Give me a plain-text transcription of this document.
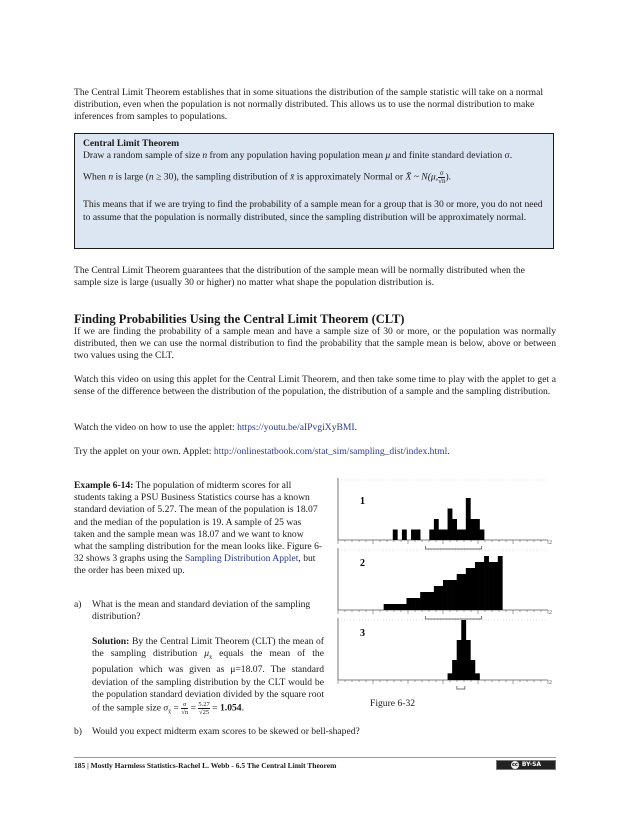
The Central Limit Theorem establishes that in some situations the distribution of the sample statistic will take on a normal distribution, even when the population is not normally distributed. This allows us to use the normal distribution to make inferences from samples to populations.

Central Limit Theorem
Draw a random sample of size n from any population having population mean μ and finite standard deviation σ.
When n is large (n ≥ 30), the sampling distribution of x̄ is approximately Normal or X̄ ~ N(μ, $\frac{\sigma}{√n}$ ).
This means that if we are trying to find the probability of a sample mean for a group that is 30 or more, you do not need to assume that the population is normally distributed, since the sampling distribution will be approximately normal.

The Central Limit Theorem guarantees that the distribution of the sample mean will be normally distributed when the sample size is large (usually 30 or higher) no matter what shape the population distribution is.

Finding Probabilities Using the Central Limit Theorem (CLT)

If we are finding the probability of a sample mean and have a sample size of 30 or more, or the population was normally distributed, then we can use the normal distribution to find the probability that the sample mean is below, above or between two values using the CLT.

Watch this video on using this applet for the Central Limit Theorem, and then take some time to play with the applet to get a sense of the difference between the distribution of the population, the distribution of a sample and the sampling distribution.

Watch the video on how to use the applet: https://youtu.be/aIPvgiXyBMI.

Try the applet on your own. Applet: http://onlinestatbook.com/stat_sim/sampling_dist/index.html.

Example 6-14: The population of midterm scores for all students taking a PSU Business Statistics course has a known standard deviation of 5.27. The mean of the population is 18.07 and the median of the population is 19. A sample of 25 was taken and the sample mean was 18.07 and we want to know what the sampling distribution for the mean looks like. Figure 6-32 shows 3 graphs using the Sampling Distribution Applet, but the order has been mixed up.

a) What is the mean and standard deviation of the sampling distribution?

Solution: By the Central Limit Theorem (CLT) the mean of the sampling distribution $\mu_{x̄}$ equals the mean of the population which was given as μ=18.07. The standard deviation of the sampling distribution by the CLT would be the population standard deviation divided by the square root of the sample size $\sigma_{x̄} = \frac{\sigma}{√n} = \frac{5.27}{√25} = 1.054$.

1
2
2
2
3
2
Figure 6-32
b) Would you expect midterm exam scores to be skewed or bell-shaped?

185 | Mostly Harmless Statistics-Rachel L. Webb - 6.5 The Central Limit Theorem	cc BY-SA
